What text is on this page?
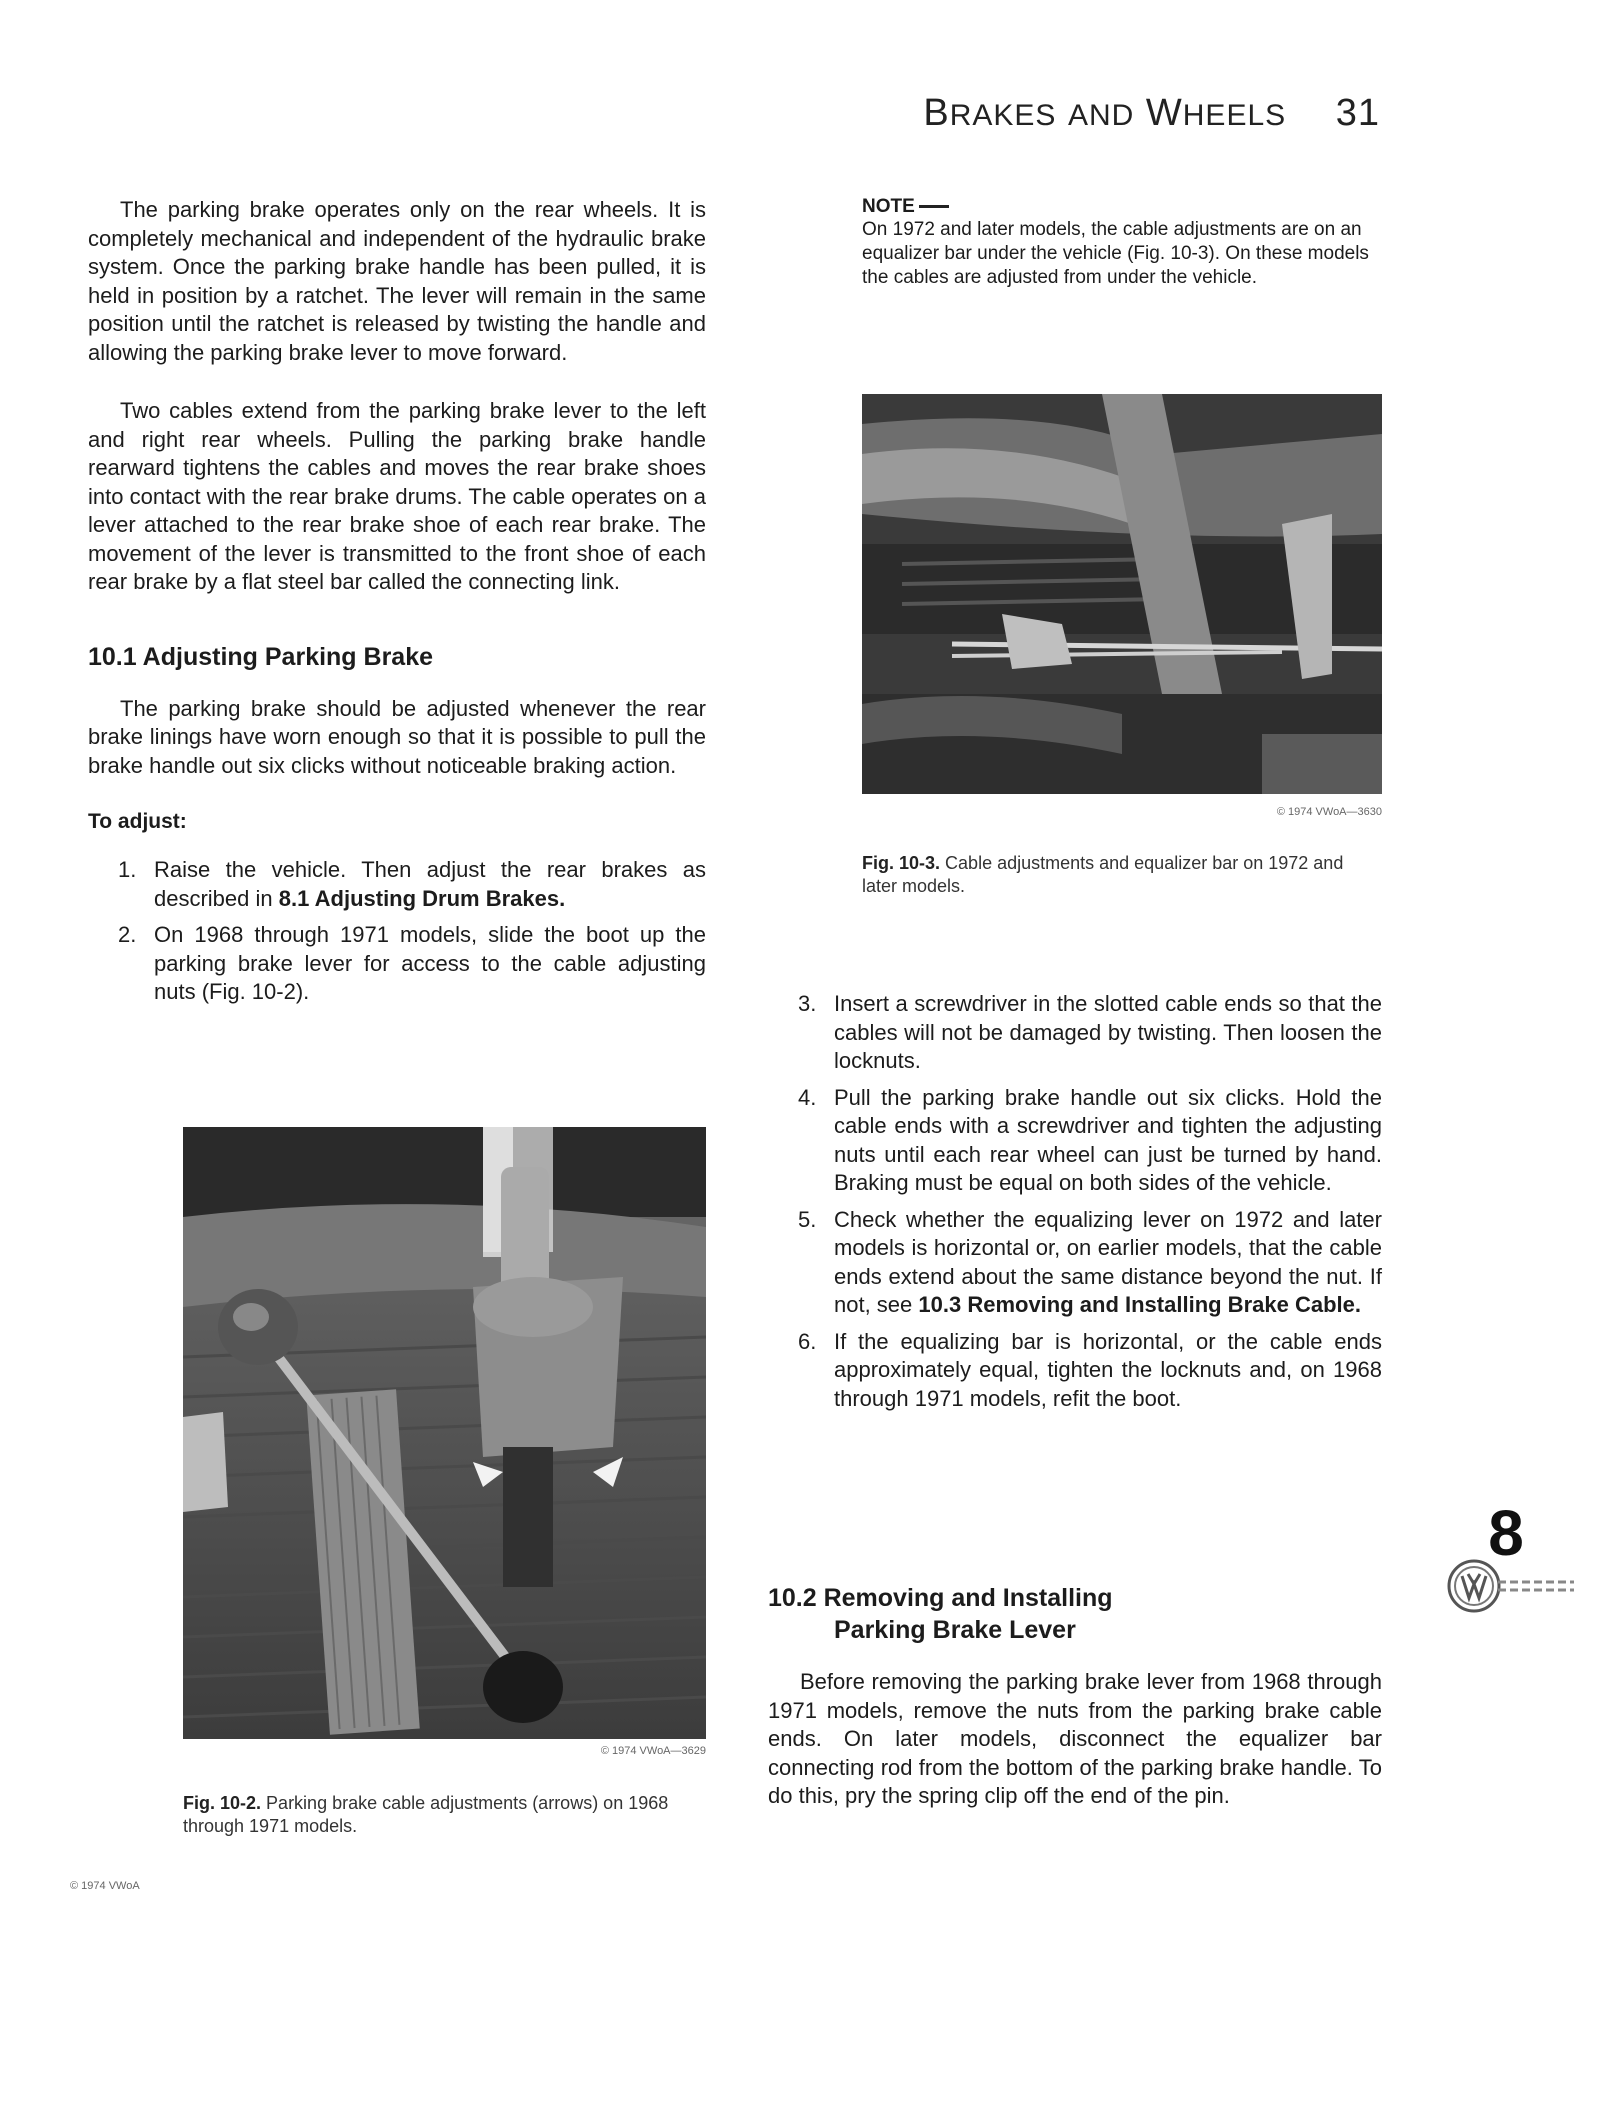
BRAKES AND WHEELS 31

The parking brake operates only on the rear wheels. It is completely mechanical and independent of the hydraulic brake system. Once the parking brake handle has been pulled, it is held in position by a ratchet. The lever will remain in the same position until the ratchet is released by twisting the handle and allowing the parking brake lever to move forward.

Two cables extend from the parking brake lever to the left and right rear wheels. Pulling the parking brake handle rearward tightens the cables and moves the rear brake shoes into contact with the rear brake drums. The cable operates on a lever attached to the rear brake shoe of each rear brake. The movement of the lever is transmitted to the front shoe of each rear brake by a flat steel bar called the connecting link.

10.1 Adjusting Parking Brake

The parking brake should be adjusted whenever the rear brake linings have worn enough so that it is possible to pull the brake handle out six clicks without noticeable braking action.

To adjust:

1. Raise the vehicle. Then adjust the rear brakes as described in 8.1 Adjusting Drum Brakes.
2. On 1968 through 1971 models, slide the boot up the parking brake lever for access to the cable adjusting nuts (Fig. 10-2).
© 1974 VWoA—3629
Fig. 10-2. Parking brake cable adjustments (arrows) on 1968 through 1971 models.
© 1974 VWoA
NOTE

On 1972 and later models, the cable adjustments are on an equalizer bar under the vehicle (Fig. 10-3). On these models the cables are adjusted from under the vehicle.

© 1974 VWoA—3630
Fig. 10-3. Cable adjustments and equalizer bar on 1972 and later models.
3. Insert a screwdriver in the slotted cable ends so that the cables will not be damaged by twisting. Then loosen the locknuts.
4. Pull the parking brake handle out six clicks. Hold the cable ends with a screwdriver and tighten the adjusting nuts until each rear wheel can just be turned by hand. Braking must be equal on both sides of the vehicle.
5. Check whether the equalizing lever on 1972 and later models is horizontal or, on earlier models, that the cable ends extend about the same distance beyond the nut. If not, see 10.3 Removing and Installing Brake Cable.
6. If the equalizing bar is horizontal, or the cable ends approximately equal, tighten the locknuts and, on 1968 through 1971 models, refit the boot.
10.2 Removing and Installing
Parking Brake Lever

Before removing the parking brake lever from 1968 through 1971 models, remove the nuts from the parking brake cable ends. On later models, disconnect the equalizer bar connecting rod from the bottom of the parking brake handle. To do this, pry the spring clip off the end of the pin.

8
